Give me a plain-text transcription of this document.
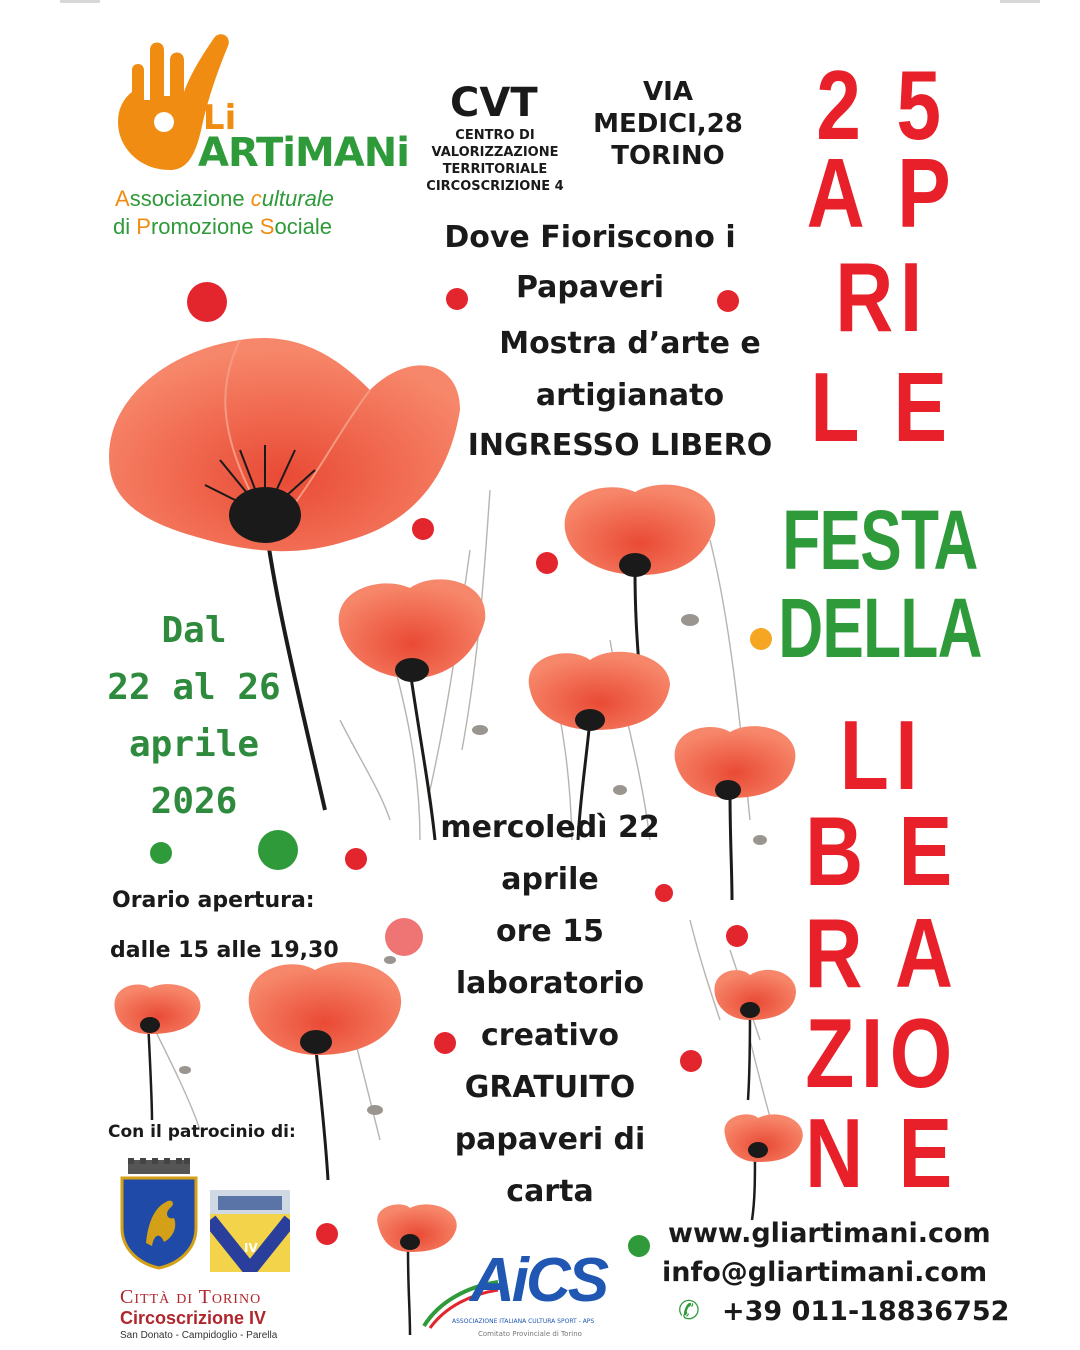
GLi
ARTiMANi
Associazione culturale
di Promozione Sociale
CVT
CENTRO DI
VALORIZZAZIONE
TERRITORIALE
CIRCOSCRIZIONE 4
VIA
MEDICI,28
TORINO
Dove Fioriscono i
Papaveri
Mostra d’arte e
artigianato
INGRESSO LIBERO
Dal
22 al 26
aprile
2026
Orario apertura:
dalle 15 alle 19,30
mercoledì 22
aprile
ore 15
laboratorio
creativo
GRATUITO
papaveri di
carta
2 5
A P
RI
L E
FESTA
DELLA
LI
B E
R A
ZIO
N E
Con il patrocinio di:
IV
Città di Torino
Circoscrizione IV
San Donato - Campidoglio - Parella
AiCS
ASSOCIAZIONE ITALIANA CULTURA SPORT - APS
Comitato Provinciale di Torino
www.gliartimani.com
info@gliartimani.com
✆ +39 011-18836752
